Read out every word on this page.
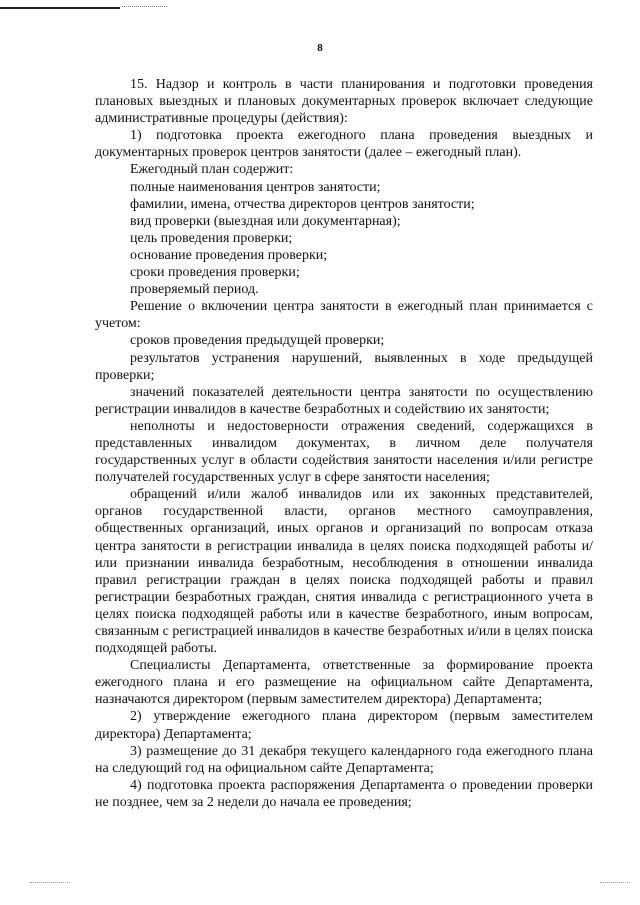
8

15. Надзор и контроль в части планирования и подготовки проведения плановых выездных и плановых документарных проверок включает следующие административные процедуры (действия):

1) подготовка проекта ежегодного плана проведения выездных и документарных проверок центров занятости (далее – ежегодный план).

Ежегодный план содержит:

полные наименования центров занятости;

фамилии, имена, отчества директоров центров занятости;

вид проверки (выездная или документарная);

цель проведения проверки;

основание проведения проверки;

сроки проведения проверки;

проверяемый период.

Решение о включении центра занятости в ежегодный план принимается с учетом:

сроков проведения предыдущей проверки;

результатов устранения нарушений, выявленных в ходе предыдущей проверки;

значений показателей деятельности центра занятости по осуществлению регистрации инвалидов в качестве безработных и содействию их занятости;

неполноты и недостоверности отражения сведений, содержащихся в представленных инвалидом документах, в личном деле получателя государственных услуг в области содействия занятости населения и/или регистре получателей государственных услуг в сфере занятости населения;

обращений и/или жалоб инвалидов или их законных представителей, органов государственной власти, органов местного самоуправления, общественных организаций, иных органов и организаций по вопросам отказа центра занятости в регистрации инвалида в целях поиска подходящей работы и/или признании инвалида безработным, несоблюдения в отношении инвалида правил регистрации граждан в целях поиска подходящей работы и правил регистрации безработных граждан, снятия инвалида с регистрационного учета в целях поиска подходящей работы или в качестве безработного, иным вопросам, связанным с регистрацией инвалидов в качестве безработных и/или в целях поиска подходящей работы.

Специалисты Департамента, ответственные за формирование проекта ежегодного плана и его размещение на официальном сайте Департамента, назначаются директором (первым заместителем директора) Департамента;

2) утверждение ежегодного плана директором (первым заместителем директора) Департамента;

3) размещение до 31 декабря текущего календарного года ежегодного плана на следующий год на официальном сайте Департамента;

4) подготовка проекта распоряжения Департамента о проведении проверки не позднее, чем за 2 недели до начала ее проведения;
